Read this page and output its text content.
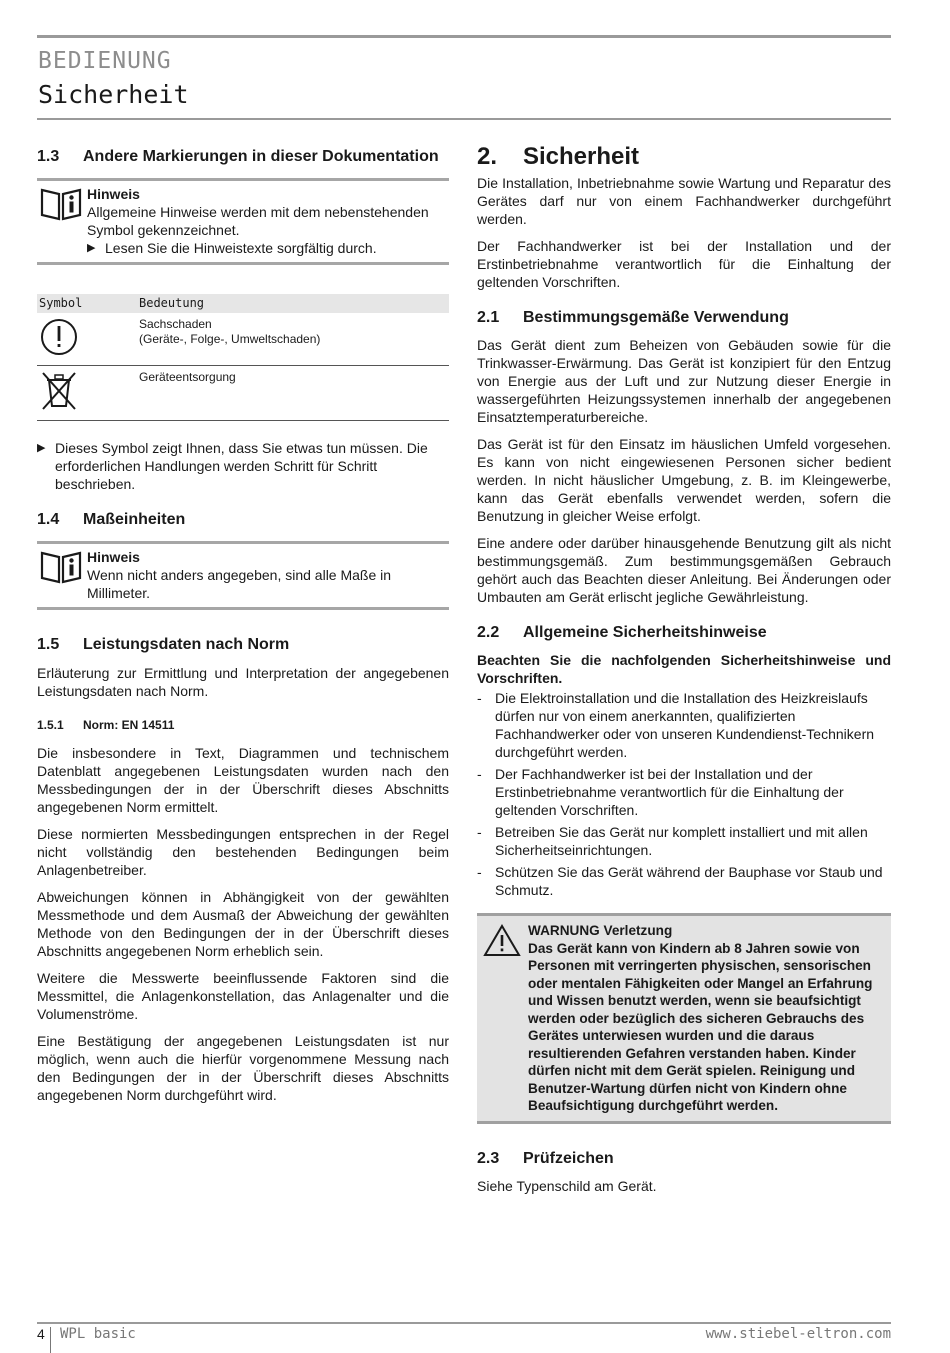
BEDIENUNG
Sicherheit
1.3	Andere Markierungen in dieser Dokumentation
Hinweis
Allgemeine Hinweise werden mit dem nebenstehenden Symbol gekennzeichnet.
▶ Lesen Sie die Hinweistexte sorgfältig durch.
Symbol	Bedeutung

Sachschaden
(Geräte-, Folge-, Umweltschaden)

Geräteentsorgung
▶ Dieses Symbol zeigt Ihnen, dass Sie etwas tun müssen. Die erforderlichen Handlungen werden Schritt für Schritt beschrieben.
1.4	Maßeinheiten
Hinweis
Wenn nicht anders angegeben, sind alle Maße in Millimeter.
1.5	Leistungsdaten nach Norm

Erläuterung zur Ermittlung und Interpretation der angegebenen Leistungsdaten nach Norm.

1.5.1	Norm: EN 14511

Die insbesondere in Text, Diagrammen und technischem Datenblatt angegebenen Leistungsdaten wurden nach den Messbedingungen der in der Überschrift dieses Abschnitts angegebenen Norm ermittelt.

Diese normierten Messbedingungen entsprechen in der Regel nicht vollständig den bestehenden Bedingungen beim Anlagenbetreiber.

Abweichungen können in Abhängigkeit von der gewählten Messmethode und dem Ausmaß der Abweichung der gewählten Methode von den Bedingungen der in der Überschrift dieses Abschnitts angegebenen Norm erheblich sein.

Weitere die Messwerte beeinflussende Faktoren sind die Messmittel, die Anlagenkonstellation, das Anlagenalter und die Volumenströme.

Eine Bestätigung der angegebenen Leistungsdaten ist nur möglich, wenn auch die hierfür vorgenommene Messung nach den Bedingungen der in der Überschrift dieses Abschnitts angegebenen Norm durchgeführt wird.

2.	Sicherheit

Die Installation, Inbetriebnahme sowie Wartung und Reparatur des Gerätes darf nur von einem Fachhandwerker durchgeführt werden.

Der Fachhandwerker ist bei der Installation und der Erstinbetriebnahme verantwortlich für die Einhaltung der geltenden Vorschriften.

2.1	Bestimmungsgemäße Verwendung

Das Gerät dient zum Beheizen von Gebäuden sowie für die Trinkwasser-Erwärmung. Das Gerät ist konzipiert für den Entzug von Energie aus der Luft und zur Nutzung dieser Energie in wassergeführten Heizungssystemen innerhalb der angegebenen Einsatztemperaturbereiche.

Das Gerät ist für den Einsatz im häuslichen Umfeld vorgesehen. Es kann von nicht eingewiesenen Personen sicher bedient werden. In nicht häuslicher Umgebung, z. B. im Kleingewerbe, kann das Gerät ebenfalls verwendet werden, sofern die Benutzung in gleicher Weise erfolgt.

Eine andere oder darüber hinausgehende Benutzung gilt als nicht bestimmungsgemäß. Zum bestimmungsgemäßen Gebrauch gehört auch das Beachten dieser Anleitung. Bei Änderungen oder Umbauten am Gerät erlischt jegliche Gewährleistung.

2.2	Allgemeine Sicherheitshinweise

Beachten Sie die nachfolgenden Sicherheitshinweise und Vorschriften.

- Die Elektroinstallation und die Installation des Heizkreislaufs dürfen nur von einem anerkannten, qualifizierten Fachhandwerker oder von unseren Kundendienst-Technikern durchgeführt werden.
- Der Fachhandwerker ist bei der Installation und der Erstinbetriebnahme verantwortlich für die Einhaltung der geltenden Vorschriften.
- Betreiben Sie das Gerät nur komplett installiert und mit allen Sicherheitseinrichtungen.
- Schützen Sie das Gerät während der Bauphase vor Staub und Schmutz.
WARNUNG Verletzung
Das Gerät kann von Kindern ab 8 Jahren sowie von Personen mit verringerten physischen, sensorischen oder mentalen Fähigkeiten oder Mangel an Erfahrung und Wissen benutzt werden, wenn sie beaufsichtigt werden oder bezüglich des sicheren Gebrauchs des Gerätes unterwiesen wurden und die daraus resultierenden Gefahren verstanden haben. Kinder dürfen nicht mit dem Gerät spielen. Reinigung und Benutzer-Wartung dürfen nicht von Kindern ohne Beaufsichtigung durchgeführt werden.
2.3	Prüfzeichen

Siehe Typenschild am Gerät.

4 WPL basic	www.stiebel-eltron.com
